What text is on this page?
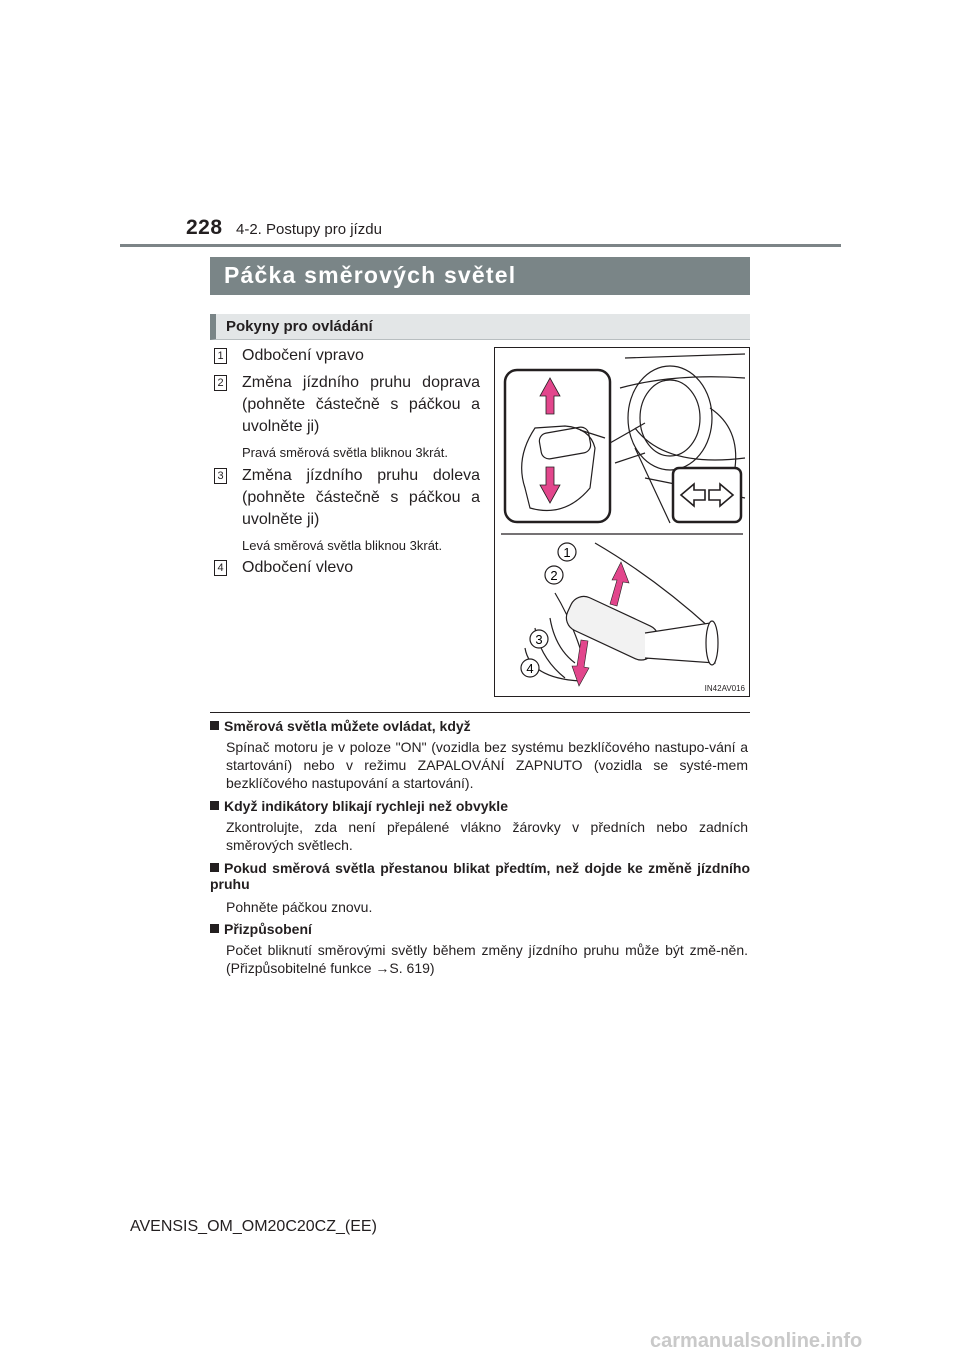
228 4-2. Postupy pro jízdu
Páčka směrových světel
Pokyny pro ovládání
1 Odbočení vpravo
2 Změna jízdního pruhu doprava (pohněte částečně s páčkou a uvolněte ji)
Pravá směrová světla bliknou 3krát.
3 Změna jízdního pruhu doleva (pohněte částečně s páčkou a uvolněte ji)
Levá směrová světla bliknou 3krát.
4 Odbočení vlevo
1
2
3
4
IN42AV016
Směrová světla můžete ovládat, když
Spínač motoru je v poloze "ON" (vozidla bez systému bezklíčového nastupo-vání a startování) nebo v režimu ZAPALOVÁNÍ ZAPNUTO (vozidla se systé-mem bezklíčového nastupování a startování).
Když indikátory blikají rychleji než obvykle
Zkontrolujte, zda není přepálené vlákno žárovky v předních nebo zadních směrových světlech.
Pokud směrová světla přestanou blikat předtím, než dojde ke změně jízdního pruhu
Pohněte páčkou znovu.
Přizpůsobení
Počet bliknutí směrovými světly během změny jízdního pruhu může být změ-něn. (Přizpůsobitelné funkce →S. 619)
AVENSIS_OM_OM20C20CZ_(EE)
carmanualsonline.info
